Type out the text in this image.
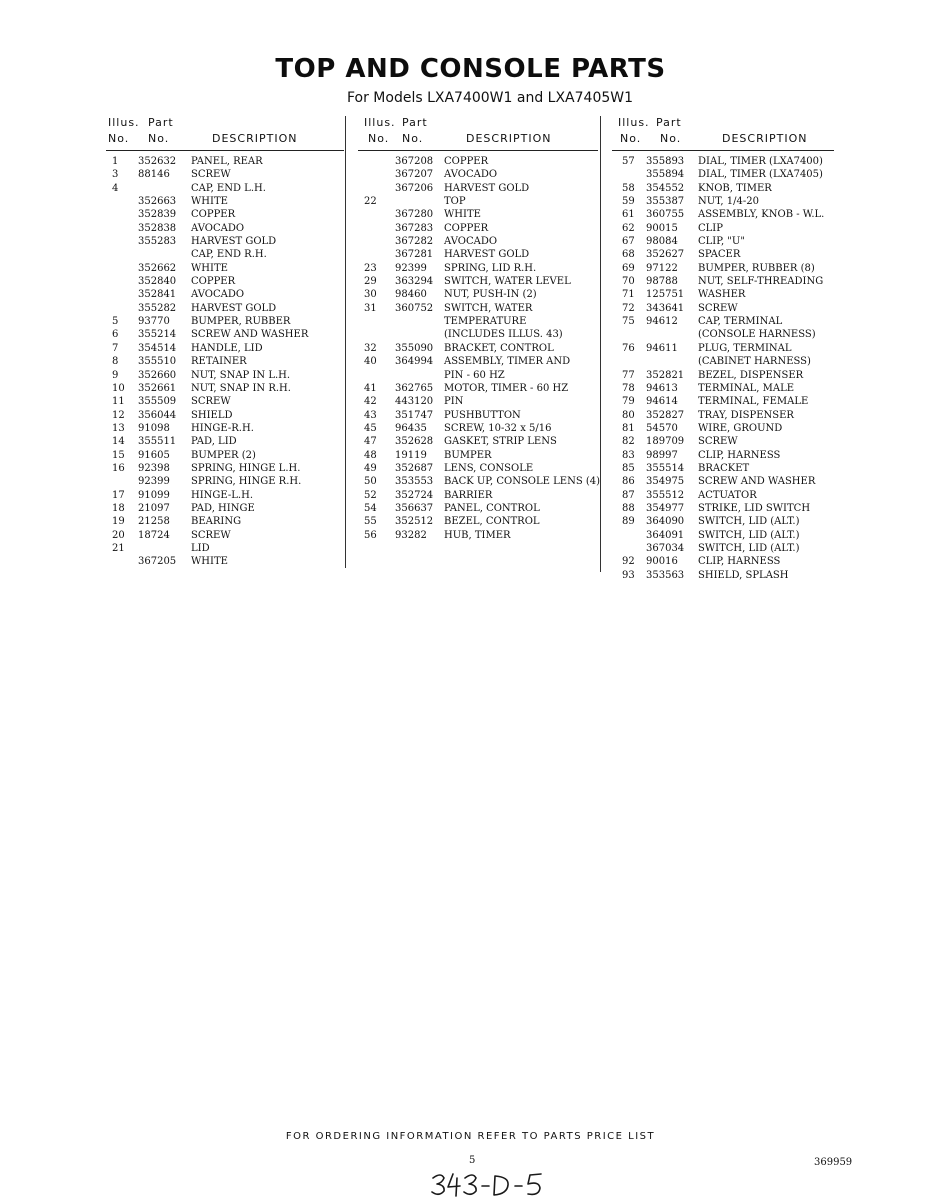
TOP AND CONSOLE PARTS
For Models LXA7400W1 and LXA7405W1
Illus. Part
No. No.	DESCRIPTION
1 352632 PANEL, REAR
3 88146 SCREW
4	CAP, END L.H.
352663 WHITE
352839 COPPER
352838 AVOCADO
355283 HARVEST GOLD
CAP, END R.H.
352662 WHITE
352840 COPPER
352841 AVOCADO
355282 HARVEST GOLD
5 93770 BUMPER, RUBBER
6 355214 SCREW AND WASHER
7 354514 HANDLE, LID
8 355510 RETAINER
9 352660 NUT, SNAP IN L.H.
10 352661 NUT, SNAP IN R.H.
11 355509 SCREW
12 356044 SHIELD
13 91098 HINGE-R.H.
14 355511 PAD, LID
15 91605 BUMPER (2)
16 92398 SPRING, HINGE L.H.
92399 SPRING, HINGE R.H.
17 91099 HINGE-L.H.
18 21097 PAD, HINGE
19 21258 BEARING
20 18724 SCREW
21	LID
367205 WHITE
Illus. Part
No. No.	DESCRIPTION
367208 COPPER
367207 AVOCADO
367206 HARVEST GOLD
22	TOP
367280 WHITE
367283 COPPER
367282 AVOCADO
367281 HARVEST GOLD
23 92399 SPRING, LID R.H.
29 363294 SWITCH, WATER LEVEL
30 98460 NUT, PUSH-IN (2)
31 360752 SWITCH, WATER
TEMPERATURE
(INCLUDES ILLUS. 43)
32 355090 BRACKET, CONTROL
40 364994 ASSEMBLY, TIMER AND
PIN - 60 HZ
41 362765 MOTOR, TIMER - 60 HZ
42 443120 PIN
43 351747 PUSHBUTTON
45 96435 SCREW, 10-32 x 5/16
47 352628 GASKET, STRIP LENS
48 19119 BUMPER
49 352687 LENS, CONSOLE
50 353553 BACK UP, CONSOLE LENS (4)
52 352724 BARRIER
54 356637 PANEL, CONTROL
55 352512 BEZEL, CONTROL
56 93282 HUB, TIMER
Illus. Part
No. No.	DESCRIPTION
57 355893 DIAL, TIMER (LXA7400)
355894 DIAL, TIMER (LXA7405)
58 354552 KNOB, TIMER
59 355387 NUT, 1/4-20
61 360755 ASSEMBLY, KNOB - W.L.
62 90015 CLIP
67 98084 CLIP, "U"
68 352627 SPACER
69 97122 BUMPER, RUBBER (8)
70 98788 NUT, SELF-THREADING
71 125751 WASHER
72 343641 SCREW
75 94612 CAP, TERMINAL
(CONSOLE HARNESS)
76 94611 PLUG, TERMINAL
(CABINET HARNESS)
77 352821 BEZEL, DISPENSER
78 94613 TERMINAL, MALE
79 94614 TERMINAL, FEMALE
80 352827 TRAY, DISPENSER
81 54570 WIRE, GROUND
82 189709 SCREW
83 98997 CLIP, HARNESS
85 355514 BRACKET
86 354975 SCREW AND WASHER
87 355512 ACTUATOR
88 354977 STRIKE, LID SWITCH
89 364090 SWITCH, LID (ALT.)
364091 SWITCH, LID (ALT.)
367034 SWITCH, LID (ALT.)
92 90016 CLIP, HARNESS
93 353563 SHIELD, SPLASH
FOR ORDERING INFORMATION REFER TO PARTS PRICE LIST
5	369959
